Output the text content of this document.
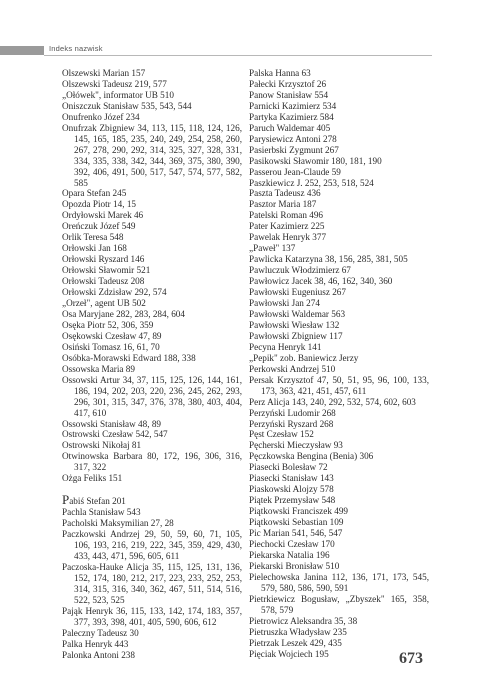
Indeks nazwisk
Olszewski Marian 157
Olszewski Tadeusz 219, 577
„Ołówek", informator UB 510
Oniszczuk Stanisław 535, 543, 544
Onufrenko Józef 234
Onufrzak Zbigniew 34, 113, 115, 118, 124, 126, 145, 165, 185, 235, 240, 249, 254, 258, 260, 267, 278, 290, 292, 314, 325, 327, 328, 331, 334, 335, 338, 342, 344, 369, 375, 380, 390, 392, 406, 491, 500, 517, 547, 574, 577, 582, 585
Opara Stefan 245
Opozda Piotr 14, 15
Ordyłowski Marek 46
Oreńczuk Józef 549
Orlik Teresa 548
Orłowski Jan 168
Orłowski Ryszard 146
Orłowski Sławomir 521
Orłowski Tadeusz 208
Orłowski Zdzisław 292, 574
„Orzeł", agent UB 502
Osa Maryjane 282, 283, 284, 604
Osęka Piotr 52, 306, 359
Osękowski Czesław 47, 89
Osiński Tomasz 16, 61, 70
Osóbka-Morawski Edward 188, 338
Ossowska Maria 89
Ossowski Artur 34, 37, 115, 125, 126, 144, 161, 186, 194, 202, 203, 220, 236, 245, 262, 293, 296, 301, 315, 347, 376, 378, 380, 403, 404, 417, 610
Ossowski Stanisław 48, 89
Ostrowski Czesław 542, 547
Ostrowski Nikołaj 81
Otwinowska Barbara 80, 172, 196, 306, 316, 317, 322
Ożga Feliks 151
Pabiś Stefan 201
Pachla Stanisław 543
Pacholski Maksymilian 27, 28
Paczkowski Andrzej 29, 50, 59, 60, 71, 105, 106, 193, 216, 219, 222, 345, 359, 429, 430, 433, 443, 471, 596, 605, 611
Paczoska-Hauke Alicja 35, 115, 125, 131, 136, 152, 174, 180, 212, 217, 223, 233, 252, 253, 314, 315, 316, 340, 362, 467, 511, 514, 516, 522, 523, 525
Pająk Henryk 36, 115, 133, 142, 174, 183, 357, 377, 393, 398, 401, 405, 590, 606, 612
Paleczny Tadeusz 30
Palka Henryk 443
Palonka Antoni 238
Palska Hanna 63
Pałecki Krzysztof 26
Panow Stanisław 554
Parnicki Kazimierz 534
Partyka Kazimierz 584
Paruch Waldemar 405
Parysiewicz Antoni 278
Pasierbski Zygmunt 267
Pasikowski Sławomir 180, 181, 190
Passerou Jean-Claude 59
Paszkiewicz J. 252, 253, 518, 524
Paszta Tadeusz 436
Pasztor Maria 187
Patelski Roman 496
Pater Kazimierz 225
Pawelak Henryk 377
„Paweł" 137
Pawlicka Katarzyna 38, 156, 285, 381, 505
Pawluczuk Włodzimierz 67
Pawłowicz Jacek 38, 46, 162, 340, 360
Pawłowski Eugeniusz 267
Pawłowski Jan 274
Pawłowski Waldemar 563
Pawłowski Wiesław 132
Pawłowski Zbigniew 117
Pecyna Henryk 141
„Pepik" zob. Baniewicz Jerzy
Perkowski Andrzej 510
Persak Krzysztof 47, 50, 51, 95, 96, 100, 133, 173, 363, 421, 451, 457, 611
Perz Alicja 143, 240, 292, 532, 574, 602, 603
Perzyński Ludomir 268
Perzyński Ryszard 268
Pęst Czesław 152
Pęcherski Mieczysław 93
Pęczkowska Bengina (Benia) 306
Piasecki Bolesław 72
Piasecki Stanisław 143
Piaskowski Alojzy 578
Piątek Przemysław 548
Piątkowski Franciszek 499
Piątkowski Sebastian 109
Pic Marian 541, 546, 547
Piechocki Czesław 170
Piekarska Natalia 196
Piekarski Bronisław 510
Pielechowska Janina 112, 136, 171, 173, 545, 579, 580, 586, 590, 591
Pietrkiewicz Bogusław, „Zbyszek" 165, 358, 578, 579
Pietrowicz Aleksandra 35, 38
Pietruszka Władysław 235
Pietrzak Leszek 429, 435
Pięciak Wojciech 195	673
